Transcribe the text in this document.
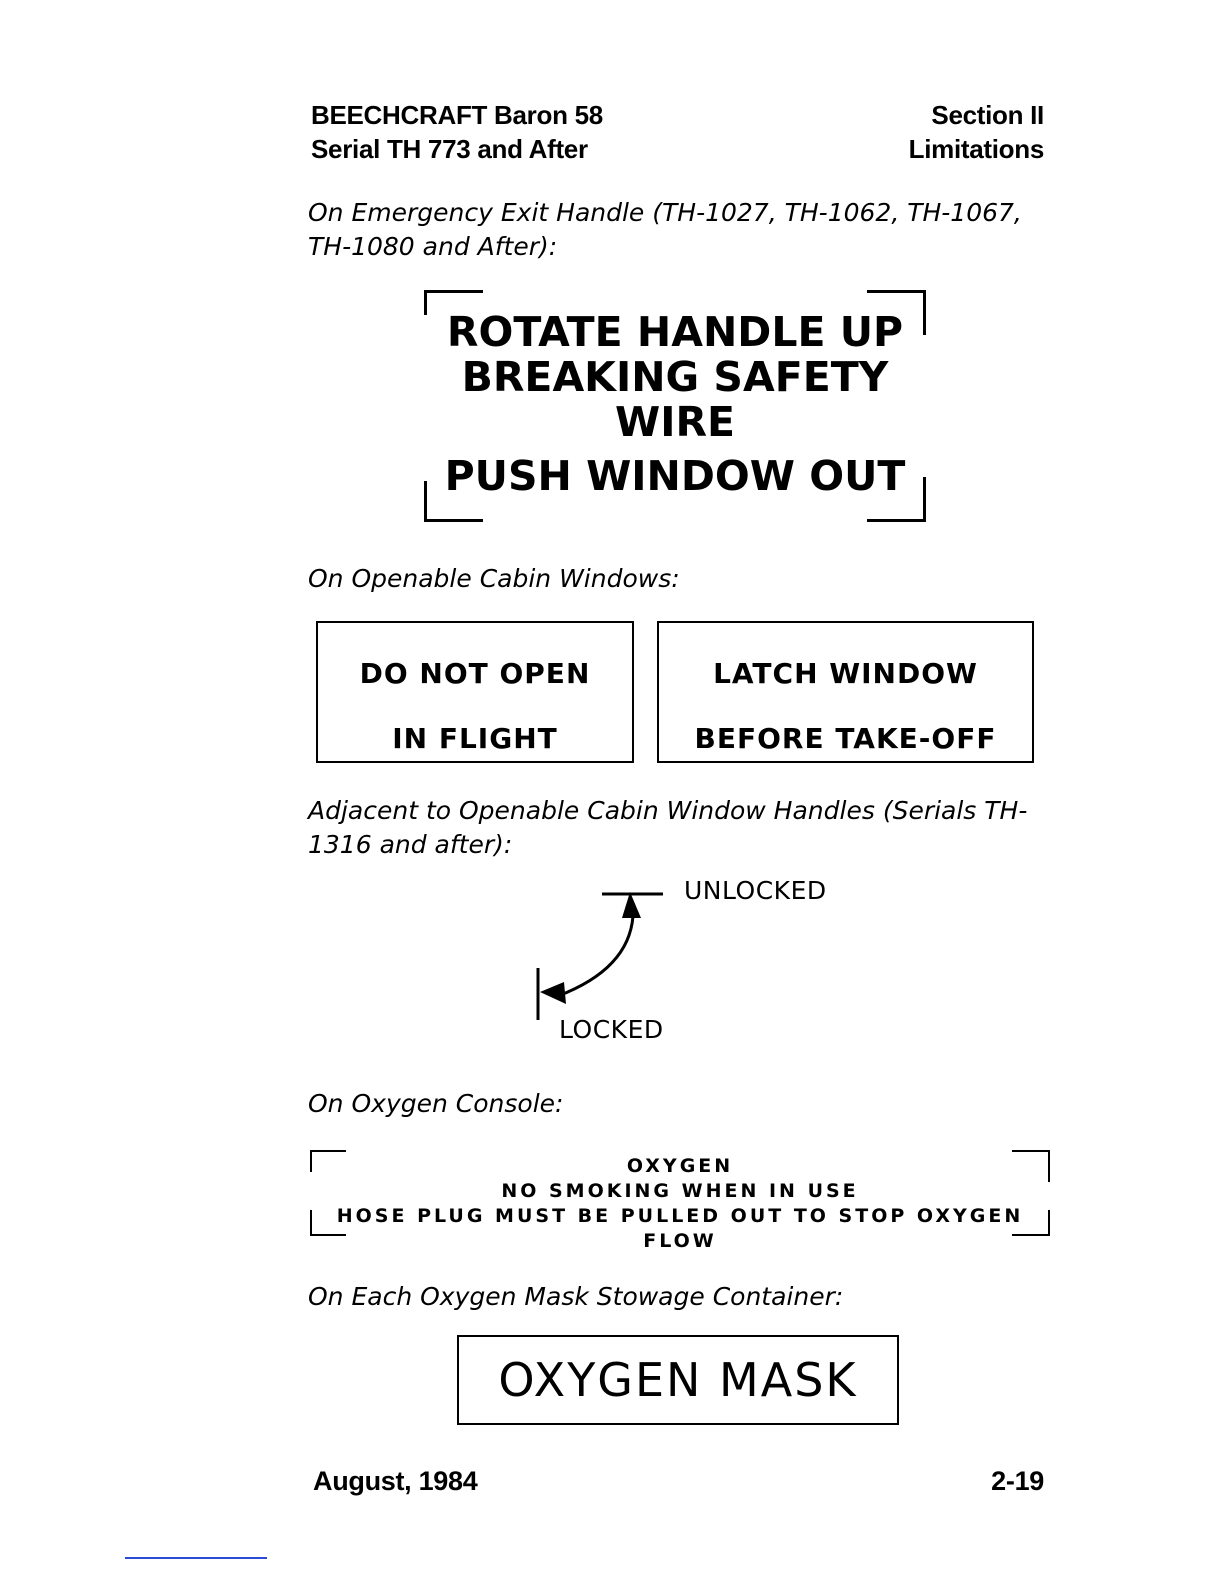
BEECHCRAFT Baron 58
Serial TH 773 and After
Section II
Limitations
On Emergency Exit Handle (TH-1027, TH-1062, TH-1067,
TH-1080 and After):
ROTATE HANDLE UP
BREAKING SAFETY
WIRE
PUSH WINDOW OUT
On Openable Cabin Windows:
DO NOT OPEN
IN FLIGHT
LATCH WINDOW
BEFORE TAKE-OFF
Adjacent to Openable Cabin Window Handles (Serials TH-
1316 and after):
UNLOCKED
LOCKED
On Oxygen Console:
OXYGEN
NO SMOKING WHEN IN USE
HOSE PLUG MUST BE PULLED OUT TO STOP OXYGEN FLOW
On Each Oxygen Mask Stowage Container:
OXYGEN MASK
August, 1984	2-19
